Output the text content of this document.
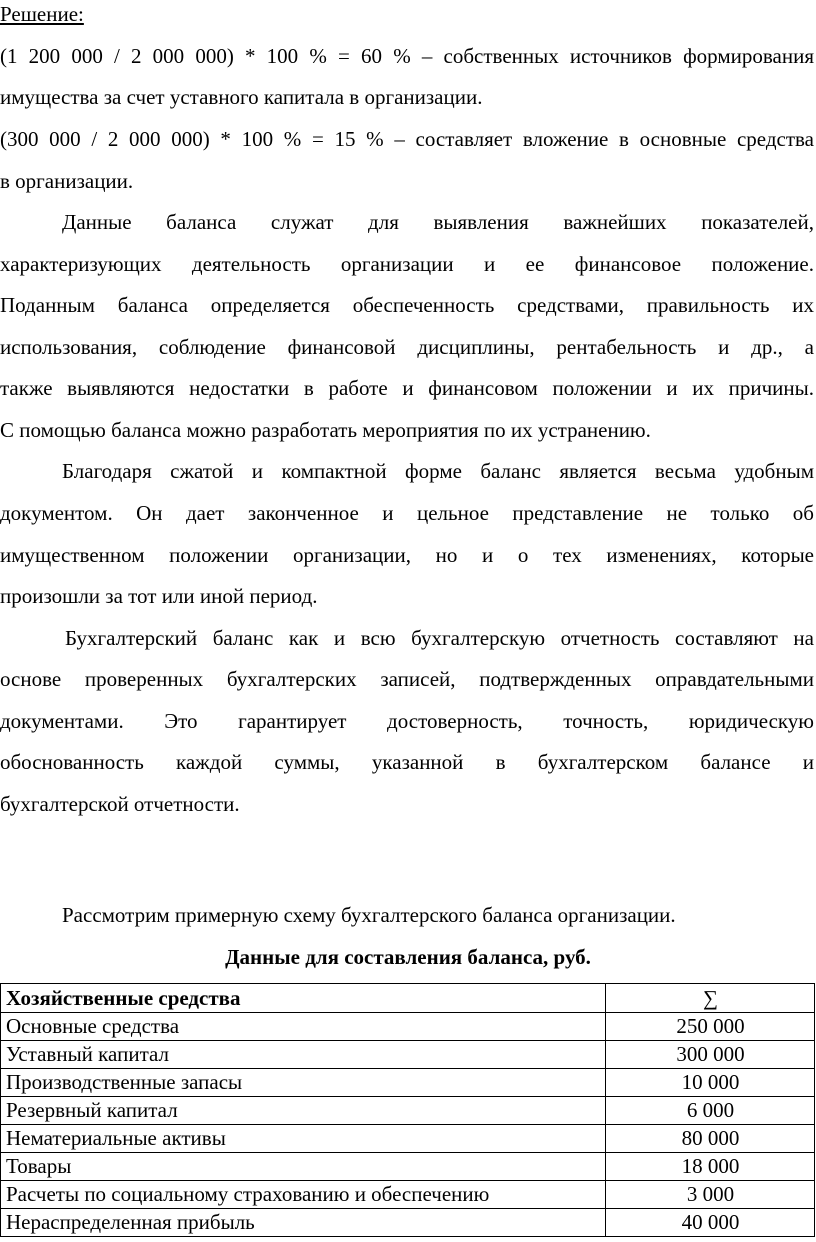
Решение:
(1 200 000 / 2 000 000) * 100 % = 60 % – собственных источников формирования
имущества за счет уставного капитала в организации.
(300 000 / 2 000 000) * 100 % = 15 % – составляет вложение в основные средства
в организации.
Данные баланса служат для выявления важнейших показателей,
характеризующих деятельность организации и ее финансовое положение.
Поданным баланса определяется обеспеченность средствами, правильность их
использования, соблюдение финансовой дисциплины, рентабельность и др., а
также выявляются недостатки в работе и финансовом положении и их причины.
С помощью баланса можно разработать мероприятия по их устранению.
Благодаря сжатой и компактной форме баланс является весьма удобным
документом. Он дает законченное и цельное представление не только об
имущественном положении организации, но и о тех изменениях, которые
произошли за тот или иной период.
Бухгалтерский баланс как и всю бухгалтерскую отчетность составляют на
основе проверенных бухгалтерских записей, подтвержденных оправдательными
документами. Это гарантирует достоверность, точность, юридическую
обоснованность каждой суммы, указанной в бухгалтерском балансе и
бухгалтерской отчетности.
Рассмотрим примерную схему бухгалтерского баланса организации.
Данные для составления баланса, руб.
Хозяйственные средства	∑
Основные средства	250 000
Уставный капитал	300 000
Производственные запасы	10 000
Резервный капитал	6 000
Нематериальные активы	80 000
Товары	18 000
Расчеты по социальному страхованию и обеспечению	3 000
Нераспределенная прибыль	40 000
